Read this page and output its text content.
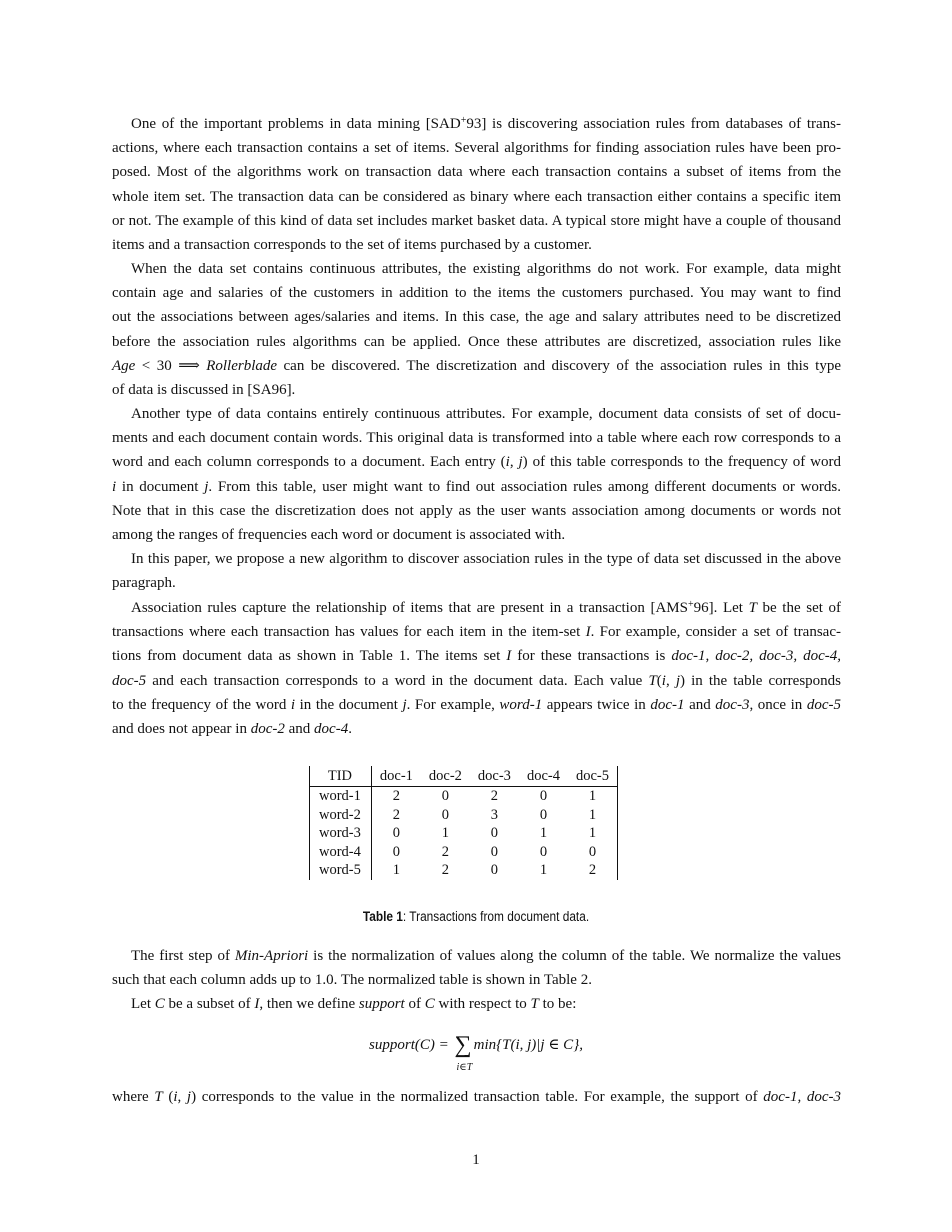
One of the important problems in data mining [SAD+93] is discovering association rules from databases of trans-
actions, where each transaction contains a set of items. Several algorithms for finding association rules have been pro-
posed. Most of the algorithms work on transaction data where each transaction contains a subset of items from the
whole item set. The transaction data can be considered as binary where each transaction either contains a specific item
or not. The example of this kind of data set includes market basket data. A typical store might have a couple of thousand
items and a transaction corresponds to the set of items purchased by a customer.
When the data set contains continuous attributes, the existing algorithms do not work. For example, data might
contain age and salaries of the customers in addition to the items the customers purchased. You may want to find
out the associations between ages/salaries and items. In this case, the age and salary attributes need to be discretized
before the association rules algorithms can be applied. Once these attributes are discretized, association rules like
Age < 30 ⟹ Rollerblade can be discovered. The discretization and discovery of the association rules in this type
of data is discussed in [SA96].
Another type of data contains entirely continuous attributes. For example, document data consists of set of docu-
ments and each document contain words. This original data is transformed into a table where each row corresponds to a
word and each column corresponds to a document. Each entry (i, j) of this table corresponds to the frequency of word
i in document j. From this table, user might want to find out association rules among different documents or words.
Note that in this case the discretization does not apply as the user wants association among documents or words not
among the ranges of frequencies each word or document is associated with.
In this paper, we propose a new algorithm to discover association rules in the type of data set discussed in the above
paragraph.
Association rules capture the relationship of items that are present in a transaction [AMS+96]. Let T be the set of
transactions where each transaction has values for each item in the item-set I. For example, consider a set of transac-
tions from document data as shown in Table 1. The items set I for these transactions is doc-1, doc-2, doc-3, doc-4,
doc-5 and each transaction corresponds to a word in the document data. Each value T(i, j) in the table corresponds
to the frequency of the word i in the document j. For example, word-1 appears twice in doc-1 and doc-3, once in doc-5
and does not appear in doc-2 and doc-4.
TID	doc-1	doc-2	doc-3	doc-4	doc-5
word-1	2	0	2	0	1
word-2	2	0	3	0	1
word-3	0	1	0	1	1
word-4	0	2	0	0	0
word-5	1	2	0	1	2
Table 1: Transactions from document data.
The first step of Min-Apriori is the normalization of values along the column of the table. We normalize the values
such that each column adds up to 1.0. The normalized table is shown in Table 2.
Let C be a subset of I, then we define support of C with respect to T to be:
support(C) = ∑
i∈T
min{T(i, j)|j ∈ C},
where T (i, j) corresponds to the value in the normalized transaction table. For example, the support of doc-1, doc-3
1
